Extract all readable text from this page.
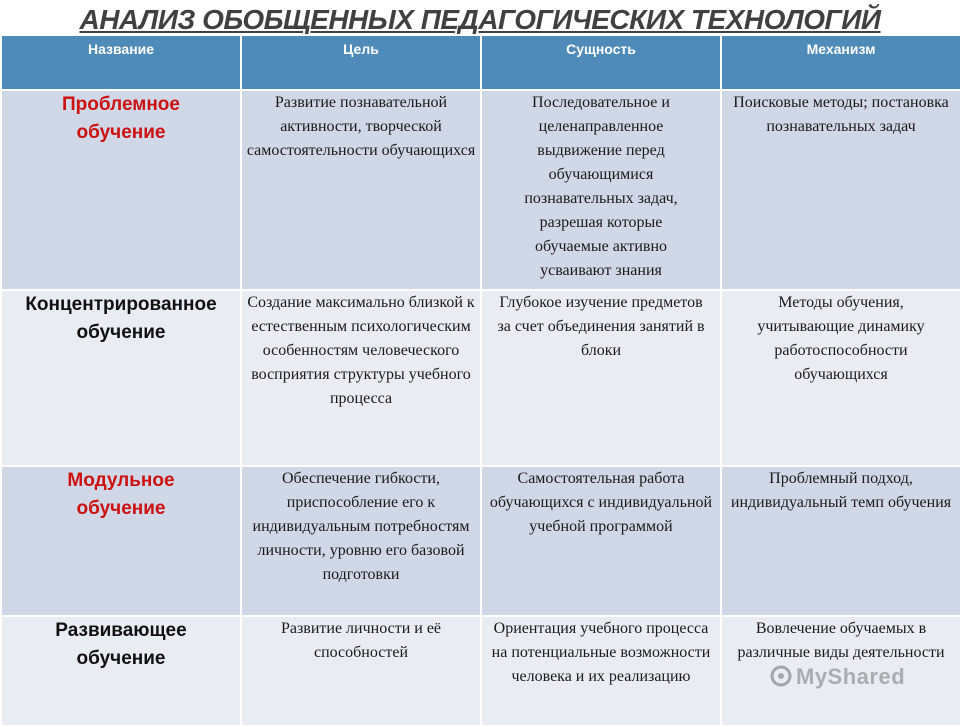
АНАЛИЗ ОБОБЩЕННЫХ ПЕДАГОГИЧЕСКИХ ТЕХНОЛОГИЙ
Название	Цель	Сущность	Механизм
Проблемное обучение	Развитие познавательной активности, творческой самостоятельности обучающихся	Последовательное и целенаправленное выдвижение перед обучающимися познавательных задач, разрешая которые обучаемые активно усваивают знания	Поисковые методы; постановка познавательных задач
Концентрированное обучение	Создание максимально близкой к естественным психологическим особенностям человеческого восприятия структуры учебного процесса	Глубокое изучение предметов за счет объединения занятий в блоки	Методы обучения, учитывающие динамику работоспособности обучающихся
Модульное обучение	Обеспечение гибкости, приспособление его к индивидуальным потребностям личности, уровню его базовой подготовки	Самостоятельная работа обучающихся с индивидуальной учебной программой	Проблемный подход, индивидуальный темп обучения
Развивающее обучение	Развитие личности и её способностей	Ориентация учебного процесса на потенциальные возможности человека и их реализацию	Вовлечение обучаемых в различные виды деятельности
MyShared
